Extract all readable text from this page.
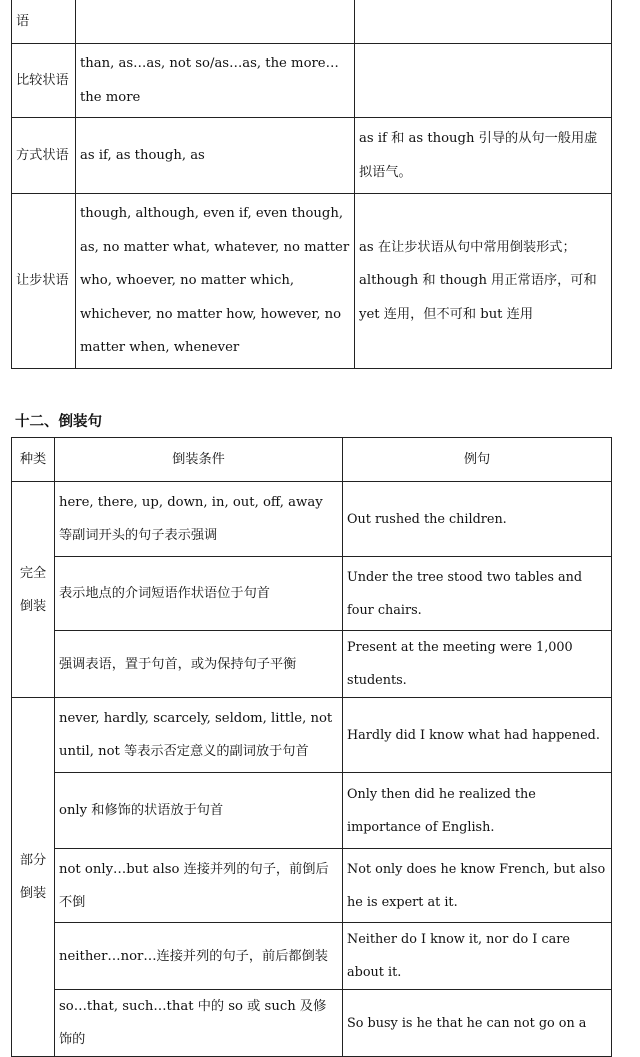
语		
比较状语	than, as…as, not so/as…as, the more…the more	
方式状语	as if, as though, as	as if 和 as though 引导的从句一般用虚拟语气。
让步状语	though, although, even if, even though, as, no matter what, whatever, no matter who, whoever, no matter which, whichever, no matter how, however, no matter when, whenever	as 在让步状语从句中常用倒装形式；although 和 though 用正常语序，可和 yet 连用，但不可和 but 连用
十二、倒装句
种类	倒装条件	例句
完全倒装	here, there, up, down, in, out, off, away 等副词开头的句子表示强调	Out rushed the children.
	表示地点的介词短语作状语位于句首	Under the tree stood two tables and four chairs.
	强调表语，置于句首，或为保持句子平衡	Present at the meeting were 1,000 students.
部分倒装	never, hardly, scarcely, seldom, little, not until, not 等表示否定意义的副词放于句首	Hardly did I know what had happened.
	only 和修饰的状语放于句首	Only then did he realized the importance of English.
	not only…but also 连接并列的句子，前倒后不倒	Not only does he know French, but also he is expert at it.
	neither…nor…连接并列的句子，前后都倒装	Neither do I know it, nor do I care about it.
	so…that, such…that 中的 so 或 such 及修饰的	So busy is he that he can not go on a
